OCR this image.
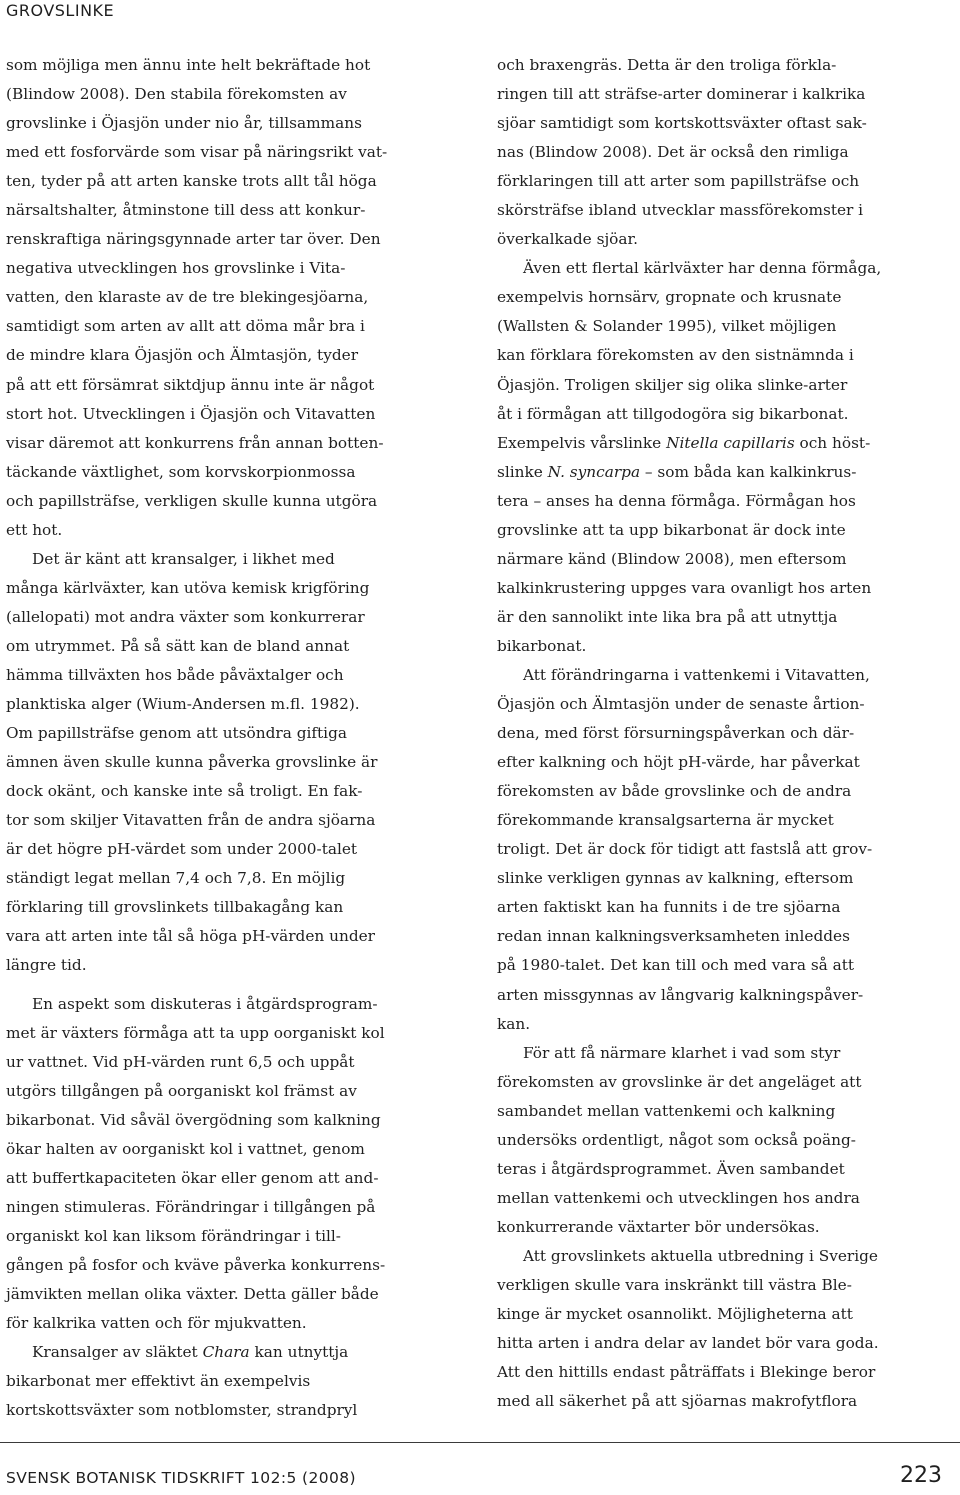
GROVSLINKE
som möjliga men ännu inte helt bekräftade hot
(Blindow 2008). Den stabila förekomsten av
grovslinke i Öjasjön under nio år, tillsammans
med ett fosforvärde som visar på näringsrikt vat-
ten, tyder på att arten kanske trots allt tål höga
närsaltshalter, åtminstone till dess att konkur-
renskraftiga näringsgynnade arter tar över. Den
negativa utvecklingen hos grovslinke i Vita-
vatten, den klaraste av de tre blekingesjöarna,
samtidigt som arten av allt att döma mår bra i
de mindre klara Öjasjön och Älmtasjön, tyder
på att ett försämrat siktdjup ännu inte är något
stort hot. Utvecklingen i Öjasjön och Vitavatten
visar däremot att konkurrens från annan botten-
täckande växtlighet, som korvskorpionmossa
och papillsträfse, verkligen skulle kunna utgöra
ett hot.
Det är känt att kransalger, i likhet med
många kärlväxter, kan utöva kemisk krigföring
(allelopati) mot andra växter som konkurrerar
om utrymmet. På så sätt kan de bland annat
hämma tillväxten hos både påväxtalger och
planktiska alger (Wium-Andersen m.fl. 1982).
Om papillsträfse genom att utsöndra giftiga
ämnen även skulle kunna påverka grovslinke är
dock okänt, och kanske inte så troligt. En fak-
tor som skiljer Vitavatten från de andra sjöarna
är det högre pH-värdet som under 2000-talet
ständigt legat mellan 7,4 och 7,8. En möjlig
förklaring till grovslinkets tillbakagång kan
vara att arten inte tål så höga pH-värden under
längre tid.
En aspekt som diskuteras i åtgärdsprogram-
met är växters förmåga att ta upp oorganiskt kol
ur vattnet. Vid pH-värden runt 6,5 och uppåt
utgörs tillgången på oorganiskt kol främst av
bikarbonat. Vid såväl övergödning som kalkning
ökar halten av oorganiskt kol i vattnet, genom
att buffertkapaciteten ökar eller genom att and-
ningen stimuleras. Förändringar i tillgången på
organiskt kol kan liksom förändringar i till-
gången på fosfor och kväve påverka konkurrens-
jämvikten mellan olika växter. Detta gäller både
för kalkrika vatten och för mjukvatten.
Kransalger av släktet Chara kan utnyttja
bikarbonat mer effektivt än exempelvis
kortskottsväxter som notblomster, strandpryl
och braxengräs. Detta är den troliga förkla-
ringen till att sträfse-arter dominerar i kalkrika
sjöar samtidigt som kortskottsväxter oftast sak-
nas (Blindow 2008). Det är också den rimliga
förklaringen till att arter som papillsträfse och
skörsträfse ibland utvecklar massförekomster i
överkalkade sjöar.
Även ett flertal kärlväxter har denna förmåga,
exempelvis hornsärv, gropnate och krusnate
(Wallsten & Solander 1995), vilket möjligen
kan förklara förekomsten av den sistnämnda i
Öjasjön. Troligen skiljer sig olika slinke-arter
åt i förmågan att tillgodogöra sig bikarbonat.
Exempelvis vårslinke Nitella capillaris och höst-
slinke N. syncarpa – som båda kan kalkinkrus-
tera – anses ha denna förmåga. Förmågan hos
grovslinke att ta upp bikarbonat är dock inte
närmare känd (Blindow 2008), men eftersom
kalkinkrustering uppges vara ovanligt hos arten
är den sannolikt inte lika bra på att utnyttja
bikarbonat.
Att förändringarna i vattenkemi i Vitavatten,
Öjasjön och Älmtasjön under de senaste årtion-
dena, med först försurningspåverkan och där-
efter kalkning och höjt pH-värde, har påverkat
förekomsten av både grovslinke och de andra
förekommande kransalgsarterna är mycket
troligt. Det är dock för tidigt att fastslå att grov-
slinke verkligen gynnas av kalkning, eftersom
arten faktiskt kan ha funnits i de tre sjöarna
redan innan kalkningsverksamheten inleddes
på 1980-talet. Det kan till och med vara så att
arten missgynnas av långvarig kalkningspåver-
kan.
För att få närmare klarhet i vad som styr
förekomsten av grovslinke är det angeläget att
sambandet mellan vattenkemi och kalkning
undersöks ordentligt, något som också poäng-
teras i åtgärdsprogrammet. Även sambandet
mellan vattenkemi och utvecklingen hos andra
konkurrerande växtarter bör undersökas.
Att grovslinkets aktuella utbredning i Sverige
verkligen skulle vara inskränkt till västra Ble-
kinge är mycket osannolikt. Möjligheterna att
hitta arten i andra delar av landet bör vara goda.
Att den hittills endast påträffats i Blekinge beror
med all säkerhet på att sjöarnas makrofytflora
SVENSK BOTANISK TIDSKRIFT 102:5 (2008)	223
